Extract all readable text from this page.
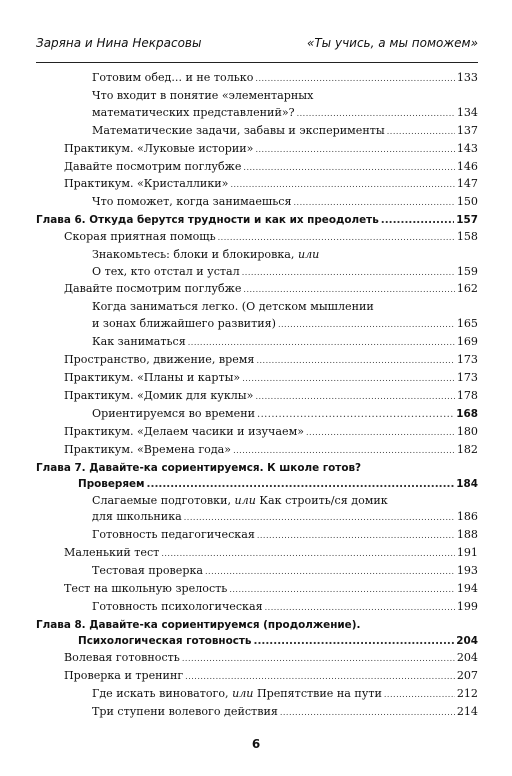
Заряна и Нина Некрасовы	«Ты учись, а мы поможем»
Готовим обед... и не только .....	133
Что входит в понятие «элементарных
математических представлений»? .....	134
Математические задачи, забавы и эксперименты .....	137
Практикум. «Луковые истории» .....	143
Давайте посмотрим поглубже .....	146
Практикум. «Кристаллики» .....	147
Что поможет, когда занимаешься .....	150
Глава 6. Откуда берутся трудности и как их преодолеть .....	157
Скорая приятная помощь .....	158
Знакомьтесь: блоки и блокировка, или
О тех, кто отстал и устал .....	159
Давайте посмотрим поглубже .....	162
Когда заниматься легко. (О детском мышлении
и зонах ближайшего развития) .....	165
Как заниматься .....	169
Пространство, движение, время .....	173
Практикум. «Планы и карты» .....	173
Практикум. «Домик для куклы» .....	178
Ориентируемся во времени .....	168
Практикум. «Делаем часики и изучаем» .....	180
Практикум. «Времена года» .....	182
Глава 7. Давайте-ка сориентируемся. К школе готов?
Проверяем .....	184
Слагаемые подготовки, или Как строить/ся домик
для школьника .....	186
Готовность педагогическая .....	188
Маленький тест .....	191
Тестовая проверка .....	193
Тест на школьную зрелость .....	194
Готовность психологическая .....	199
Глава 8. Давайте-ка сориентируемся (продолжение).
Психологическая готовность .....	204
Волевая готовность .....	204
Проверка и тренинг .....	207
Где искать виноватого, или Препятствие на пути .....	212
Три ступени волевого действия .....	214
6
